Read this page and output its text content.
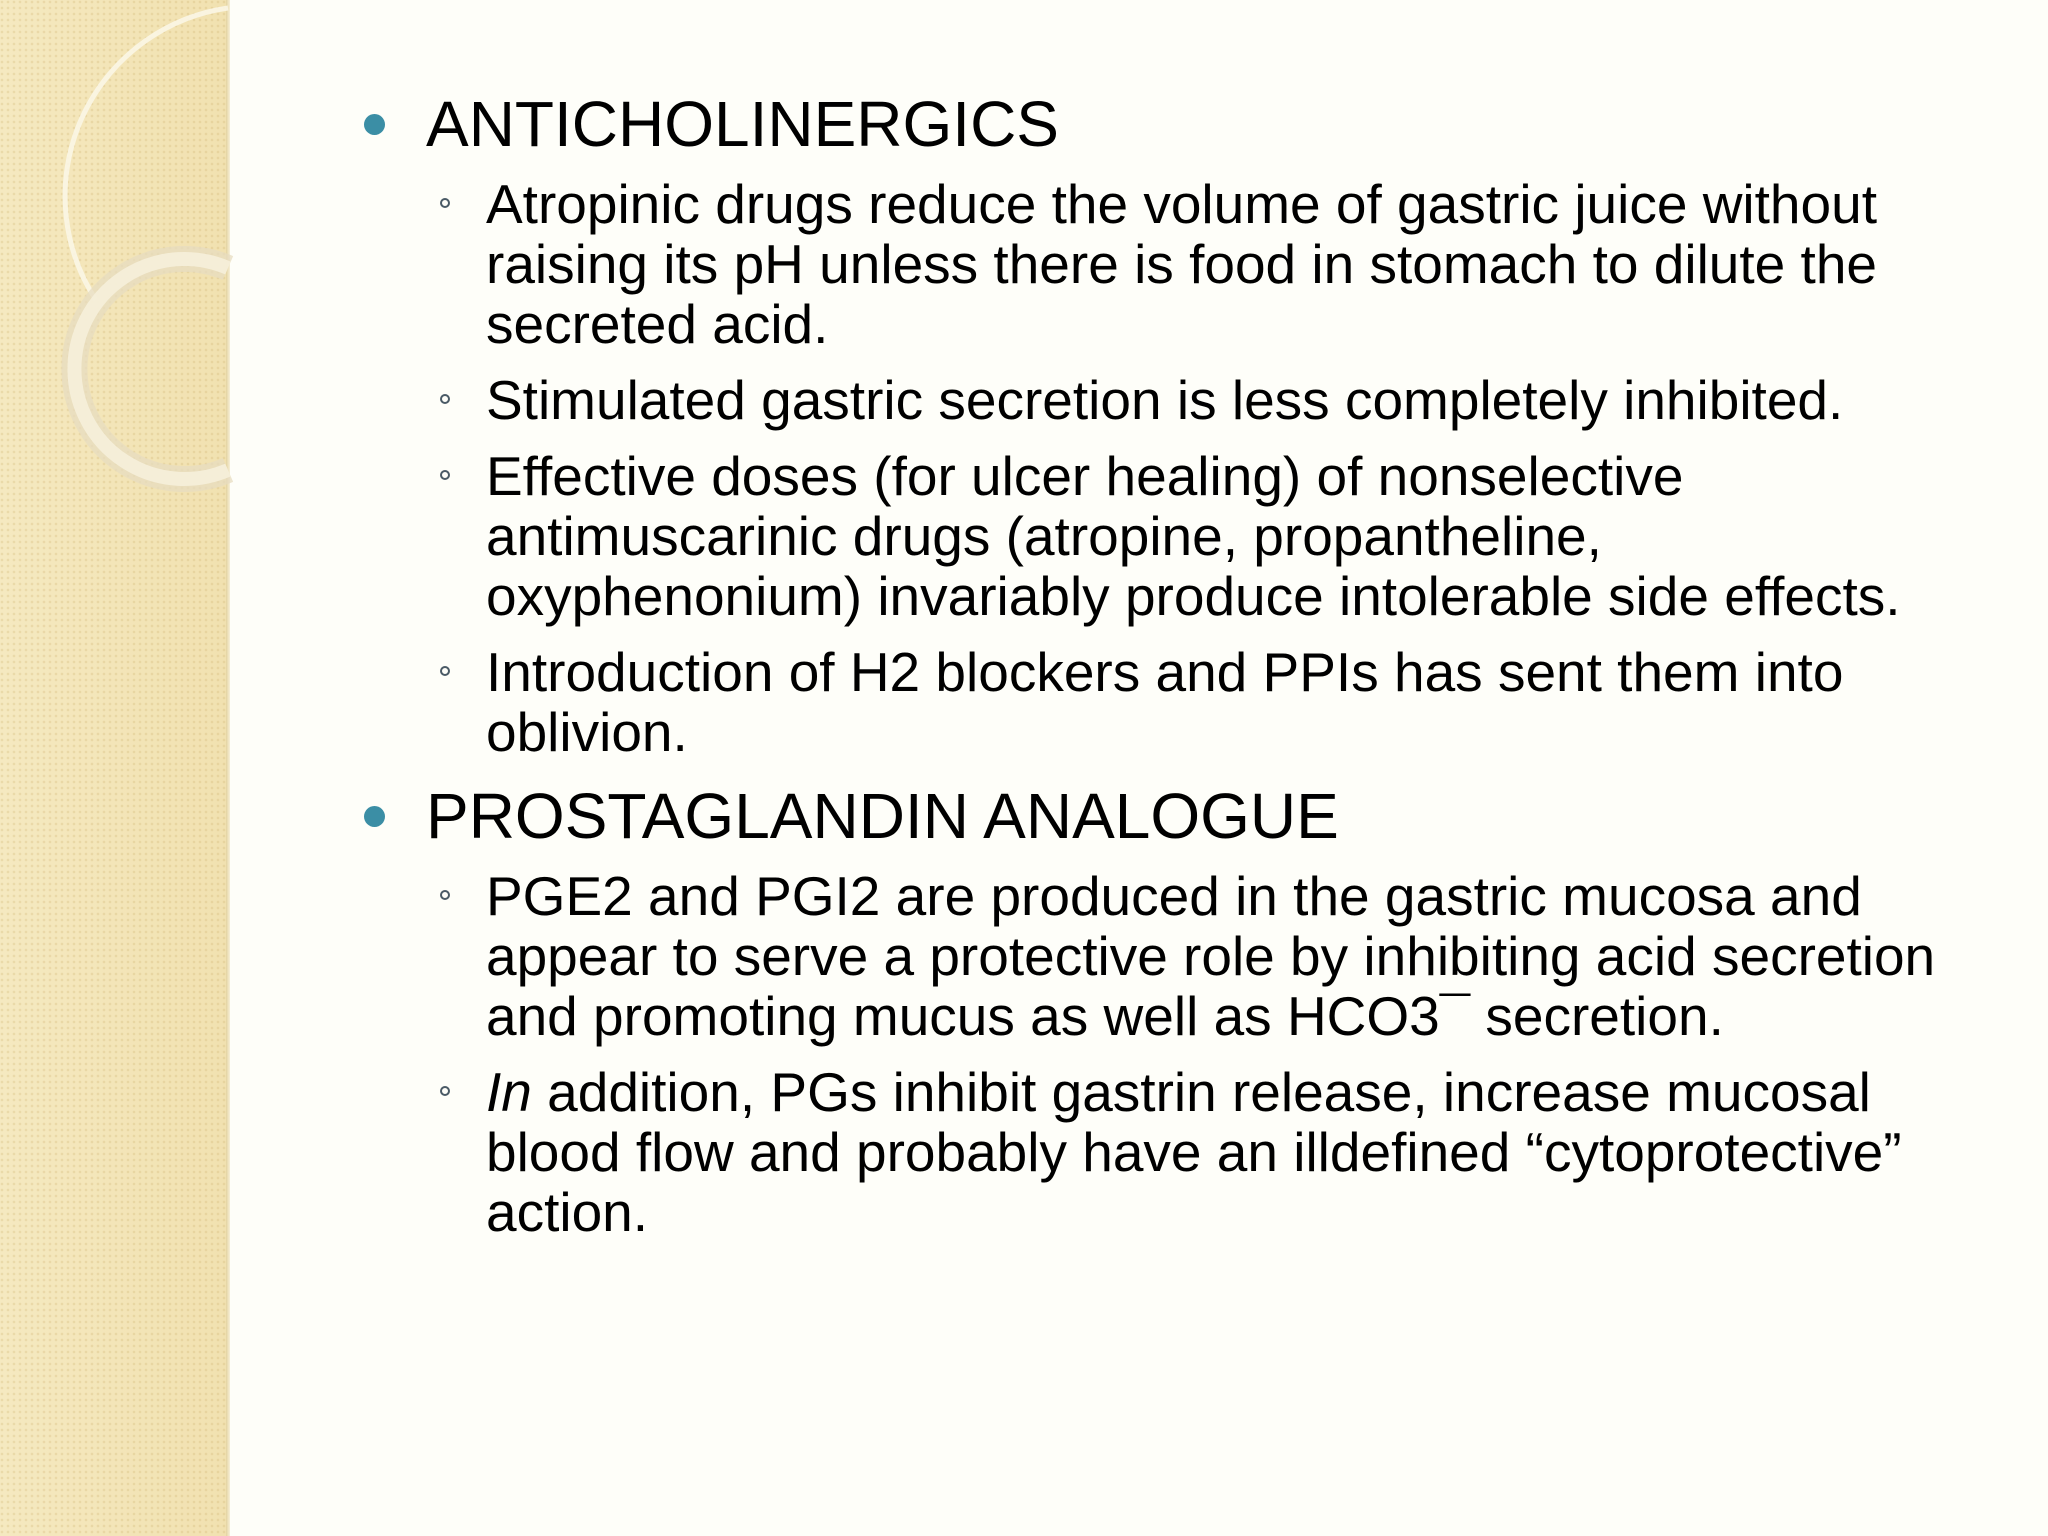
ANTICHOLINERGICS
Atropinic drugs reduce the volume of gastric juice without raising its pH unless there is food in stomach to dilute the secreted acid.
Stimulated gastric secretion is less completely inhibited.
Effective doses (for ulcer healing) of nonselective antimuscarinic drugs (atropine, propantheline, oxyphenonium) invariably produce intolerable side effects.
Introduction of H2 blockers and PPIs has sent them into oblivion.
PROSTAGLANDIN ANALOGUE
PGE2 and PGI2 are produced in the gastric mucosa and appear to serve a protective role by inhibiting acid secretion and promoting mucus as well as HCO3¯ secretion.
In addition, PGs inhibit gastrin release, increase mucosal blood flow and probably have an illdefined “cytoprotective” action.
